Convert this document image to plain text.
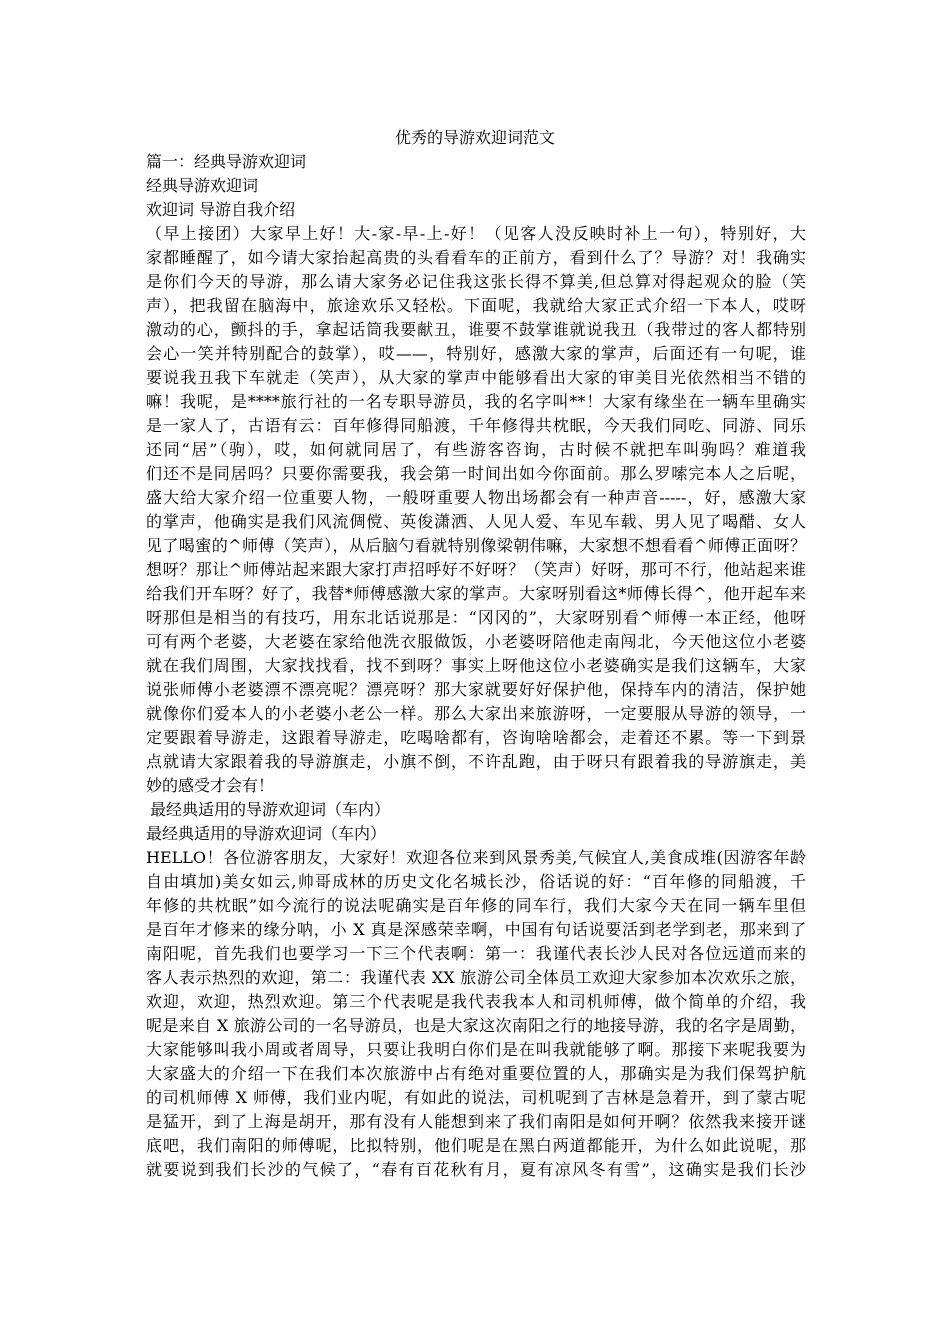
优秀的导游欢迎词范文
篇一：经典导游欢迎词
经典导游欢迎词
欢迎词 导游自我介绍
（早上接团）大家早上好！大-家-早-上-好！（见客人没反映时补上一句），特别好，大
家都睡醒了，如今请大家抬起高贵的头看看车的正前方，看到什么了？导游？对！我确实
是你们今天的导游，那么请大家务必记住我这张长得不算美,但总算对得起观众的脸（笑
声），把我留在脑海中，旅途欢乐又轻松。下面呢，我就给大家正式介绍一下本人，哎呀
激动的心，颤抖的手，拿起话筒我要献丑，谁要不鼓掌谁就说我丑（我带过的客人都特别
会心一笑并特别配合的鼓掌），哎——，特别好，感激大家的掌声，后面还有一句呢，谁
要说我丑我下车就走（笑声），从大家的掌声中能够看出大家的审美目光依然相当不错的
嘛！我呢，是****旅行社的一名专职导游员，我的名字叫**！大家有缘坐在一辆车里确实
是一家人了，古语有云：百年修得同船渡，千年修得共枕眠，今天我们同吃、同游、同乐
还同“居”（驹），哎，如何就同居了，有些游客咨询，古时候不就把车叫驹吗？难道我
们还不是同居吗？只要你需要我，我会第一时间出如今你面前。那么罗嗦完本人之后呢，
盛大给大家介绍一位重要人物，一般呀重要人物出场都会有一种声音-----，好，感激大家
的掌声，他确实是我们风流倜傥、英俊潇洒、人见人爱、车见车载、男人见了喝醋、女人
见了喝蜜的^师傅（笑声），从后脑勺看就特别像梁朝伟嘛，大家想不想看看^师傅正面呀？
想呀？那让^师傅站起来跟大家打声招呼好不好呀？（笑声）好呀，那可不行，他站起来谁
给我们开车呀？好了，我替*师傅感激大家的掌声。大家呀别看这*师傅长得^，他开起车来
呀那但是相当的有技巧，用东北话说那是：“冈冈的”，大家呀别看^师傅一本正经，他呀
可有两个老婆，大老婆在家给他洗衣服做饭，小老婆呀陪他走南闯北，今天他这位小老婆
就在我们周围，大家找找看，找不到呀？事实上呀他这位小老婆确实是我们这辆车，大家
说张师傅小老婆漂不漂亮呢？漂亮呀？那大家就要好好保护他，保持车内的清洁，保护她
就像你们爱本人的小老婆小老公一样。那么大家出来旅游呀，一定要服从导游的领导，一
定要跟着导游走，这跟着导游走，吃喝啥都有，咨询啥啥都会，走着还不累。等一下到景
点就请大家跟着我的导游旗走，小旗不倒，不许乱跑，由于呀只有跟着我的导游旗走，美
妙的感受才会有！
最经典适用的导游欢迎词（车内）
最经典适用的导游欢迎词（车内）
HELLO！各位游客朋友，大家好！欢迎各位来到风景秀美,气候宜人,美食成堆(因游客年龄
自由填加)美女如云,帅哥成林的历史文化名城长沙，俗话说的好：“百年修的同船渡，千
年修的共枕眠”如今流行的说法呢确实是百年修的同车行，我们大家今天在同一辆车里但
是百年才修来的缘分呐，小 X 真是深感荣幸啊，中国有句话说要活到老学到老，那来到了
南阳呢，首先我们也要学习一下三个代表啊：第一：我谨代表长沙人民对各位远道而来的
客人表示热烈的欢迎，第二：我谨代表 XX 旅游公司全体员工欢迎大家参加本次欢乐之旅，
欢迎，欢迎，热烈欢迎。第三个代表呢是我代表我本人和司机师傅，做个简单的介绍，我
呢是来自 X 旅游公司的一名导游员，也是大家这次南阳之行的地接导游，我的名字是周勤，
大家能够叫我小周或者周导，只要让我明白你们是在叫我就能够了啊。那接下来呢我要为
大家盛大的介绍一下在我们本次旅游中占有绝对重要位置的人，那确实是为我们保驾护航
的司机师傅 X 师傅，我们业内呢，有如此的说法，司机呢到了吉林是急着开，到了蒙古呢
是猛开，到了上海是胡开，那有没有人能想到来了我们南阳是如何开啊？依然我来接开谜
底吧，我们南阳的师傅呢，比拟特别，他们呢是在黑白两道都能开，为什么如此说呢，那
就要说到我们长沙的气候了，“春有百花秋有月，夏有凉风冬有雪”，这确实是我们长沙
